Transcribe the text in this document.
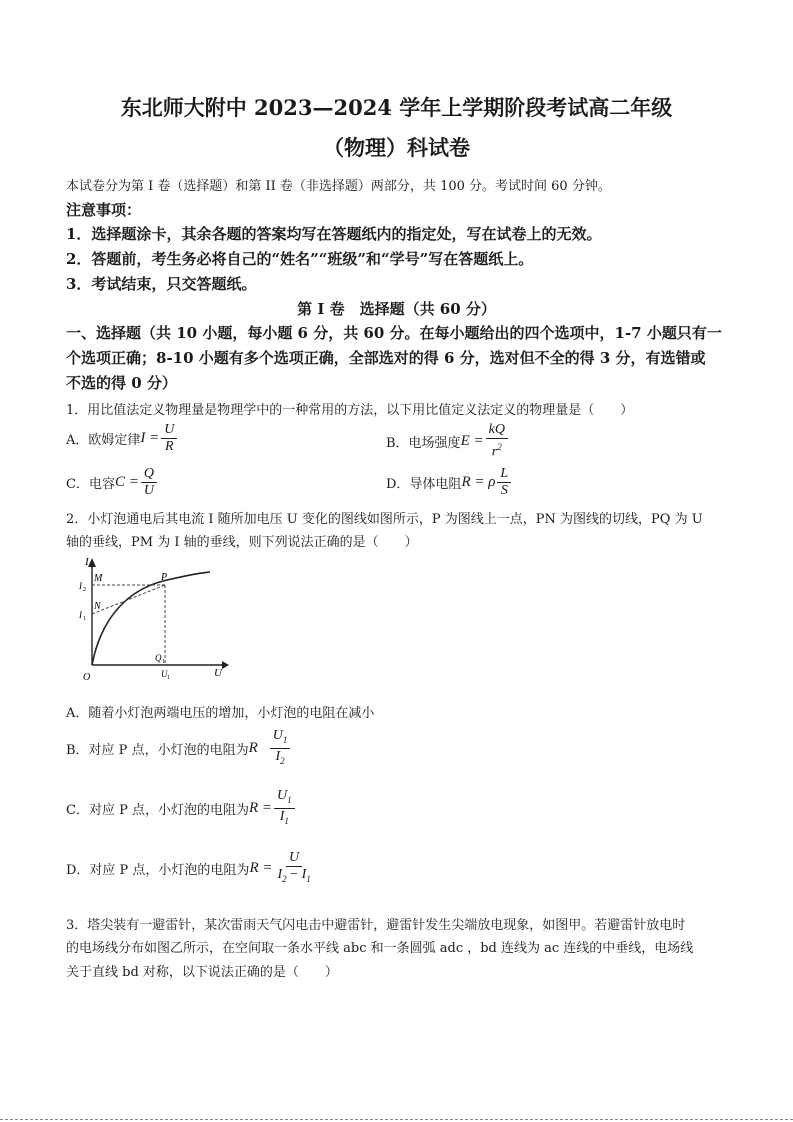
东北师大附中 2023—2024 学年上学期阶段考试高二年级
（物理）科试卷
本试卷分为第 I 卷（选择题）和第 II 卷（非选择题）两部分，共 100 分。考试时间 60 分钟。
注意事项：
1．选择题涂卡，其余各题的答案均写在答题纸内的指定处，写在试卷上的无效。
2．答题前，考生务必将自己的“姓名”“班级”和“学号”写在答题纸上。
3．考试结束，只交答题纸。
第 I 卷　选择题（共 60 分）
一、选择题（共 10 小题，每小题 6 分，共 60 分。在每小题给出的四个选项中，1-7 小题只有一
个选项正确；8-10 小题有多个选项正确，全部选对的得 6 分，选对但不全的得 3 分，有选错或
不选的得 0 分）
1．用比值法定义物理量是物理学中的一种常用的方法，以下用比值定义法定义的物理量是（　　）
A．欧姆定律 $I = \frac{U}{R}$	B．电场强度 $E = \frac{kQ}{r^2}$
C．电容 $C = \frac{Q}{U}$	D．导体电阻 R = ρ $\frac{L}{S}$
2．小灯泡通电后其电流 I 随所加电压 U 变化的图线如图所示，P 为图线上一点，PN 为图线的切线，PQ 为 U
轴的垂线，PM 为 I 轴的垂线，则下列说法正确的是（　　）
I
U
O
M
N
P
Q 1
I 2
I 1
U 1
A．随着小灯泡两端电压的增加，小灯泡的电阻在减小
B．对应 P 点，小灯泡的电阻为 R $\frac{U_1}{I_2}$
C．对应 P 点，小灯泡的电阻为 $R = \frac{U_1}{I_1}$
D．对应 P 点，小灯泡的电阻为 $R = \frac{U}{I_2 - I_1}$
3．塔尖装有一避雷针，某次雷雨天气闪电击中避雷针，避雷针发生尖端放电现象，如图甲。若避雷针放电时
的电场线分布如图乙所示，在空间取一条水平线 abc 和一条圆弧 adc ，bd 连线为 ac 连线的中垂线，电场线
关于直线 bd 对称，以下说法正确的是（　　）
